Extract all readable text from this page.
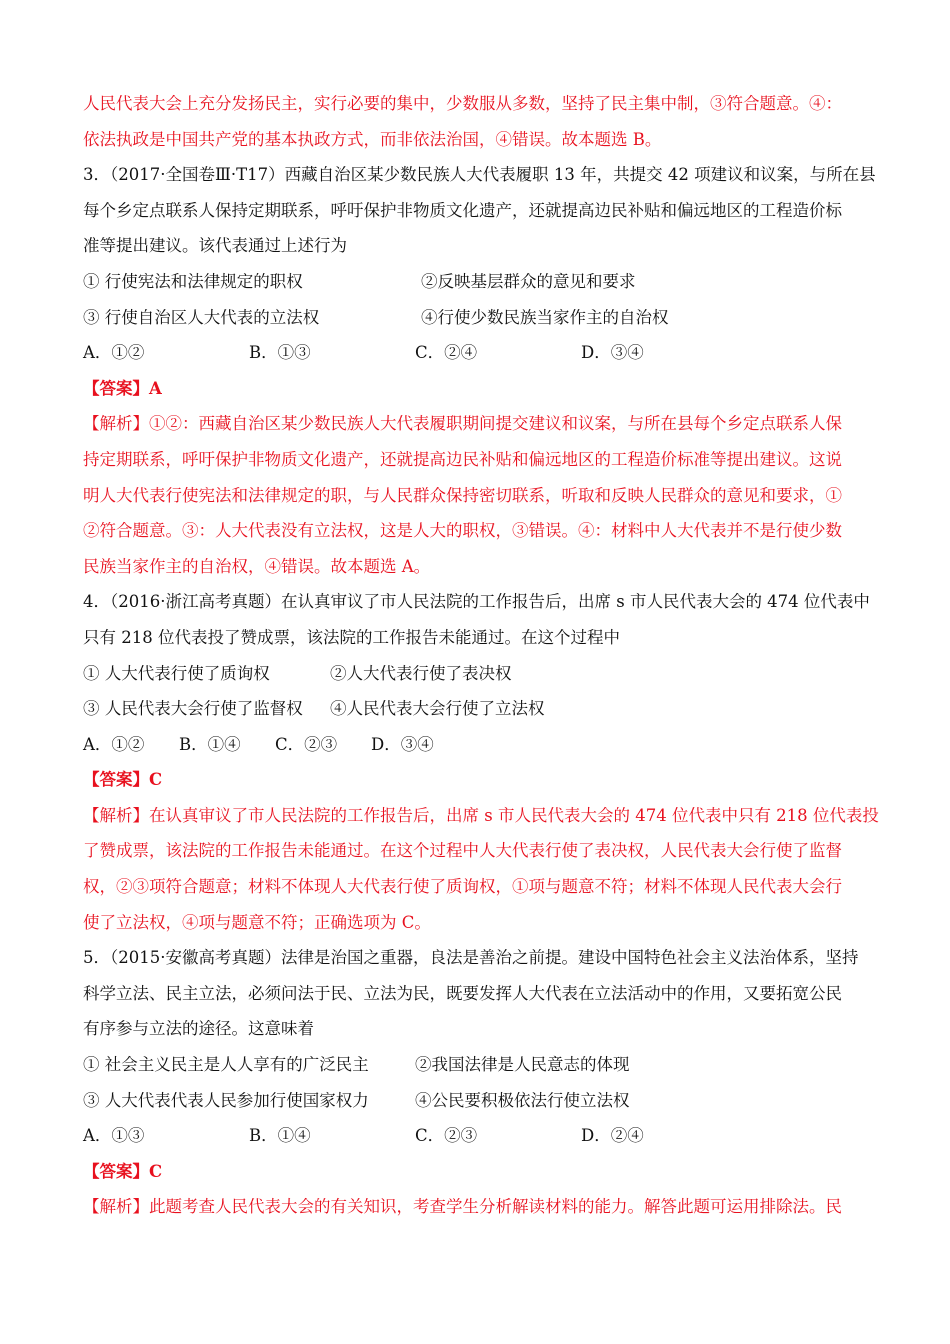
人民代表大会上充分发扬民主，实行必要的集中，少数服从多数，坚持了民主集中制，③符合题意。④：
依法执政是中国共产党的基本执政方式，而非依法治国，④错误。故本题选 B。
3．（2017·全国卷Ⅲ·T17）西藏自治区某少数民族人大代表履职 13 年，共提交 42 项建议和议案，与所在县
每个乡定点联系人保持定期联系，呼吁保护非物质文化遗产，还就提高边民补贴和偏远地区的工程造价标
准等提出建议。该代表通过上述行为
① 行使宪法和法律规定的职权	②反映基层群众的意见和要求
③ 行使自治区人大代表的立法权	④行使少数民族当家作主的自治权
A．①②	B．①③	C．②④	D．③④
【答案】A
【解析】①②：西藏自治区某少数民族人大代表履职期间提交建议和议案，与所在县每个乡定点联系人保
持定期联系，呼吁保护非物质文化遗产，还就提高边民补贴和偏远地区的工程造价标准等提出建议。这说
明人大代表行使宪法和法律规定的职，与人民群众保持密切联系，听取和反映人民群众的意见和要求，①
②符合题意。③：人大代表没有立法权，这是人大的职权，③错误。④：材料中人大代表并不是行使少数
民族当家作主的自治权，④错误。故本题选 A。
4．（2016·浙江高考真题）在认真审议了市人民法院的工作报告后，出席 s 市人民代表大会的 474 位代表中
只有 218 位代表投了赞成票，该法院的工作报告未能通过。在这个过程中
① 人大代表行使了质询权	②人大代表行使了表决权
③ 人民代表大会行使了监督权	④人民代表大会行使了立法权
A．①②	B．①④	C．②③	D．③④
【答案】C
【解析】在认真审议了市人民法院的工作报告后，出席 s 市人民代表大会的 474 位代表中只有 218 位代表投
了赞成票，该法院的工作报告未能通过。在这个过程中人大代表行使了表决权，人民代表大会行使了监督
权，②③项符合题意；材料不体现人大代表行使了质询权，①项与题意不符；材料不体现人民代表大会行
使了立法权，④项与题意不符；正确选项为 C。
5．（2015·安徽高考真题）法律是治国之重器，良法是善治之前提。建设中国特色社会主义法治体系，坚持
科学立法、民主立法，必须问法于民、立法为民，既要发挥人大代表在立法活动中的作用，又要拓宽公民
有序参与立法的途径。这意味着
① 社会主义民主是人人享有的广泛民主	②我国法律是人民意志的体现
③ 人大代表代表人民参加行使国家权力	④公民要积极依法行使立法权
A．①③	B．①④	C．②③	D．②④
【答案】C
【解析】此题考查人民代表大会的有关知识，考查学生分析解读材料的能力。解答此题可运用排除法。民
